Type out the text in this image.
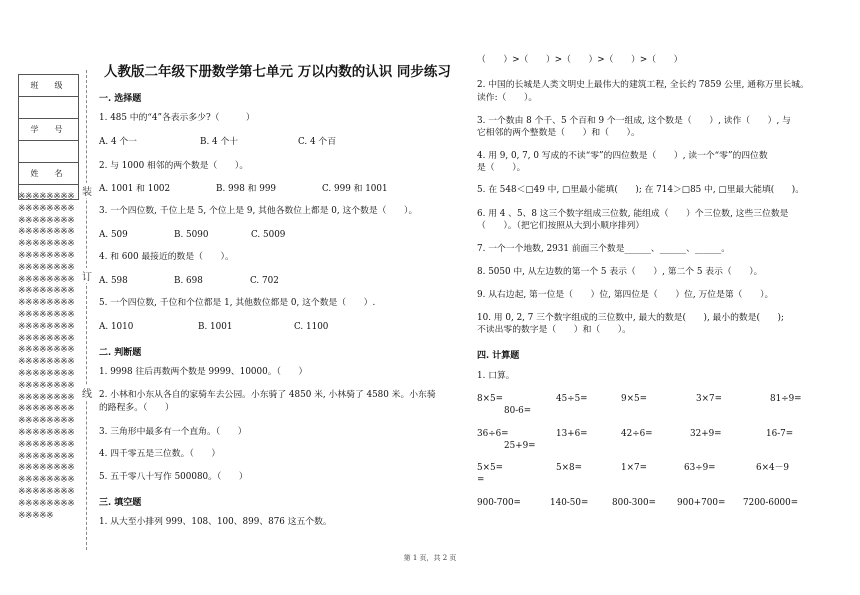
班　级

学　号

姓　名

※※※※※※※※※※※※※※※※※※※※※※※※※※※※※※※※※※※※※※※※※※※※※※※※※※※※※※※※※※※※※※※※※※※※※※※※※※※※※※※※※※※※※※※※※※※※※※※※※※※※※※※※※※※※※※※※※※※※※※※※※※※※※※※※※※※※※※※※※※※※※※※※※※※※※※※※※※※※※※※※※※※※※※※※※※※※※※※※※※※※※※※※※※※※※※※※※※※※※※※※※※※※※※※※※※※※※※※※※※※※※
装
订
线
人教版二年级下册数学第七单元 万以内数的认识 同步练习
一. 选择题
1. 485 中的“4”各表示多少?（　　　）
A. 4 个一	B. 4 个十	C. 4 个百
2. 与 1000 相邻的两个数是（　　）。
A. 1001 和 1002	B. 998 和 999	C. 999 和 1001
3. 一个四位数, 千位上是 5, 个位上是 9, 其他各数位上都是 0, 这个数是（　　）。
A. 509	B. 5090	C. 5009
4. 和 600 最接近的数是（　　）。
A. 598	B. 698	C. 702
5. 一个四位数, 千位和个位都是 1, 其他数位都是 0, 这个数是（　　）.
A. 1010	B. 1001	C. 1100
二. 判断题
1. 9998 往后再数两个数是 9999、10000。（　　）
2. 小林和小东从各自的家骑车去公园。小东骑了 4850 米, 小林骑了 4580 米。小东骑
的路程多。（　　）
3. 三角形中最多有一个直角。（　　）
4. 四千零五是三位数。（　　）
5. 五千零八十写作 500080。（　　）
三. 填空题
1. 从大至小排列 999、108、100、899、876 这五个数。
（　　）>（　　）>（　　）>（　　）>（　　）
2. 中国的长城是人类文明史上最伟大的建筑工程, 全长约 7859 公里, 通称万里长城。
读作:（　　）。
3. 一个数由 8 个千、5 个百和 9 个一组成, 这个数是（　　）, 读作（　　）, 与
它相邻的两个整数是（　　）和（　　）。
4. 用 9, 0, 7, 0 写成的不读“零”的四位数是（　　）, 读一个“零”的四位数
是（　　）。
5. 在 548＜□49 中, □里最小能填(　　); 在 714＞□85 中, □里最大能填(　　)。
6. 用 4 、5、8 这三个数字组成三位数, 能组成（　　）个三位数, 这些三位数是
（　　）。（把它们按照从大到小顺序排列）
7. 一个一个地数, 2931 前面三个数是______、______、______。
8. 5050 中, 从左边数的第一个 5 表示（　　）, 第二个 5 表示（　　）。
9. 从右边起, 第一位是（　　）位, 第四位是（　　）位, 万位是第（　　）。
10. 用 0, 2, 7 三个数字组成的三位数中, 最大的数是(　　), 最小的数是(　　);
不读出零的数字是（　　）和（　　）。
四. 计算题
1. 口算。
8×5=	45÷5=	9×5=	3×7=	81÷9=
80-6=
36÷6=	13+6=	42÷6=	32+9=	16-7=
25+9=
5×5=	5×8=	1×7=	63÷9=	6×4－9
=
900-700=	140-50=	800-300= 900+700= 7200-6000=
第 1 页，共 2 页
